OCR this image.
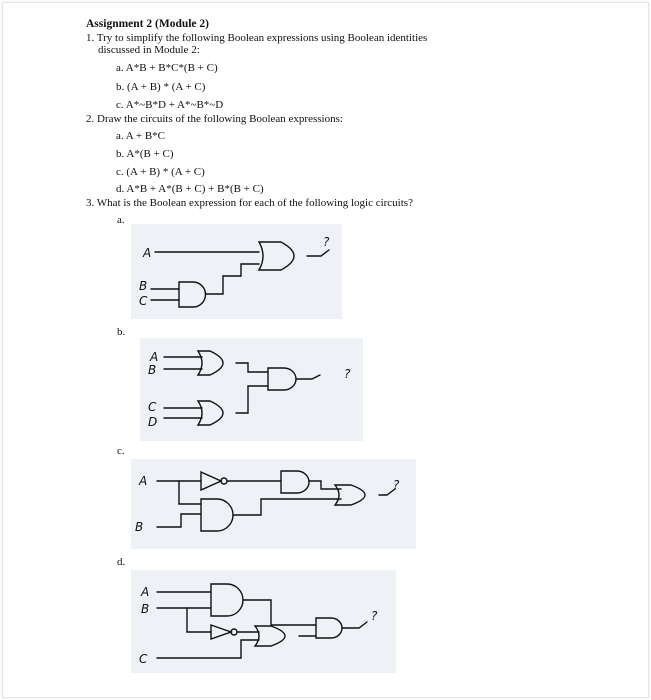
Assignment 2 (Module 2)
1. Try to simplify the following Boolean expressions using Boolean identities
discussed in Module 2:
a. A*B + B*C*(B + C)
b. (A + B) * (A + C)
c. A*~B*D + A*~B*~D
2. Draw the circuits of the following Boolean expressions:
a. A + B*C
b. A*(B + C)
c. (A + B) * (A + C)
d. A*B + A*(B + C) + B*(B + C)
3. What is the Boolean expression for each of the following logic circuits?
a.
b.
c.
d.
A
B
C
?
A
B
C
D
?
A
B
?
A
B
C
?
